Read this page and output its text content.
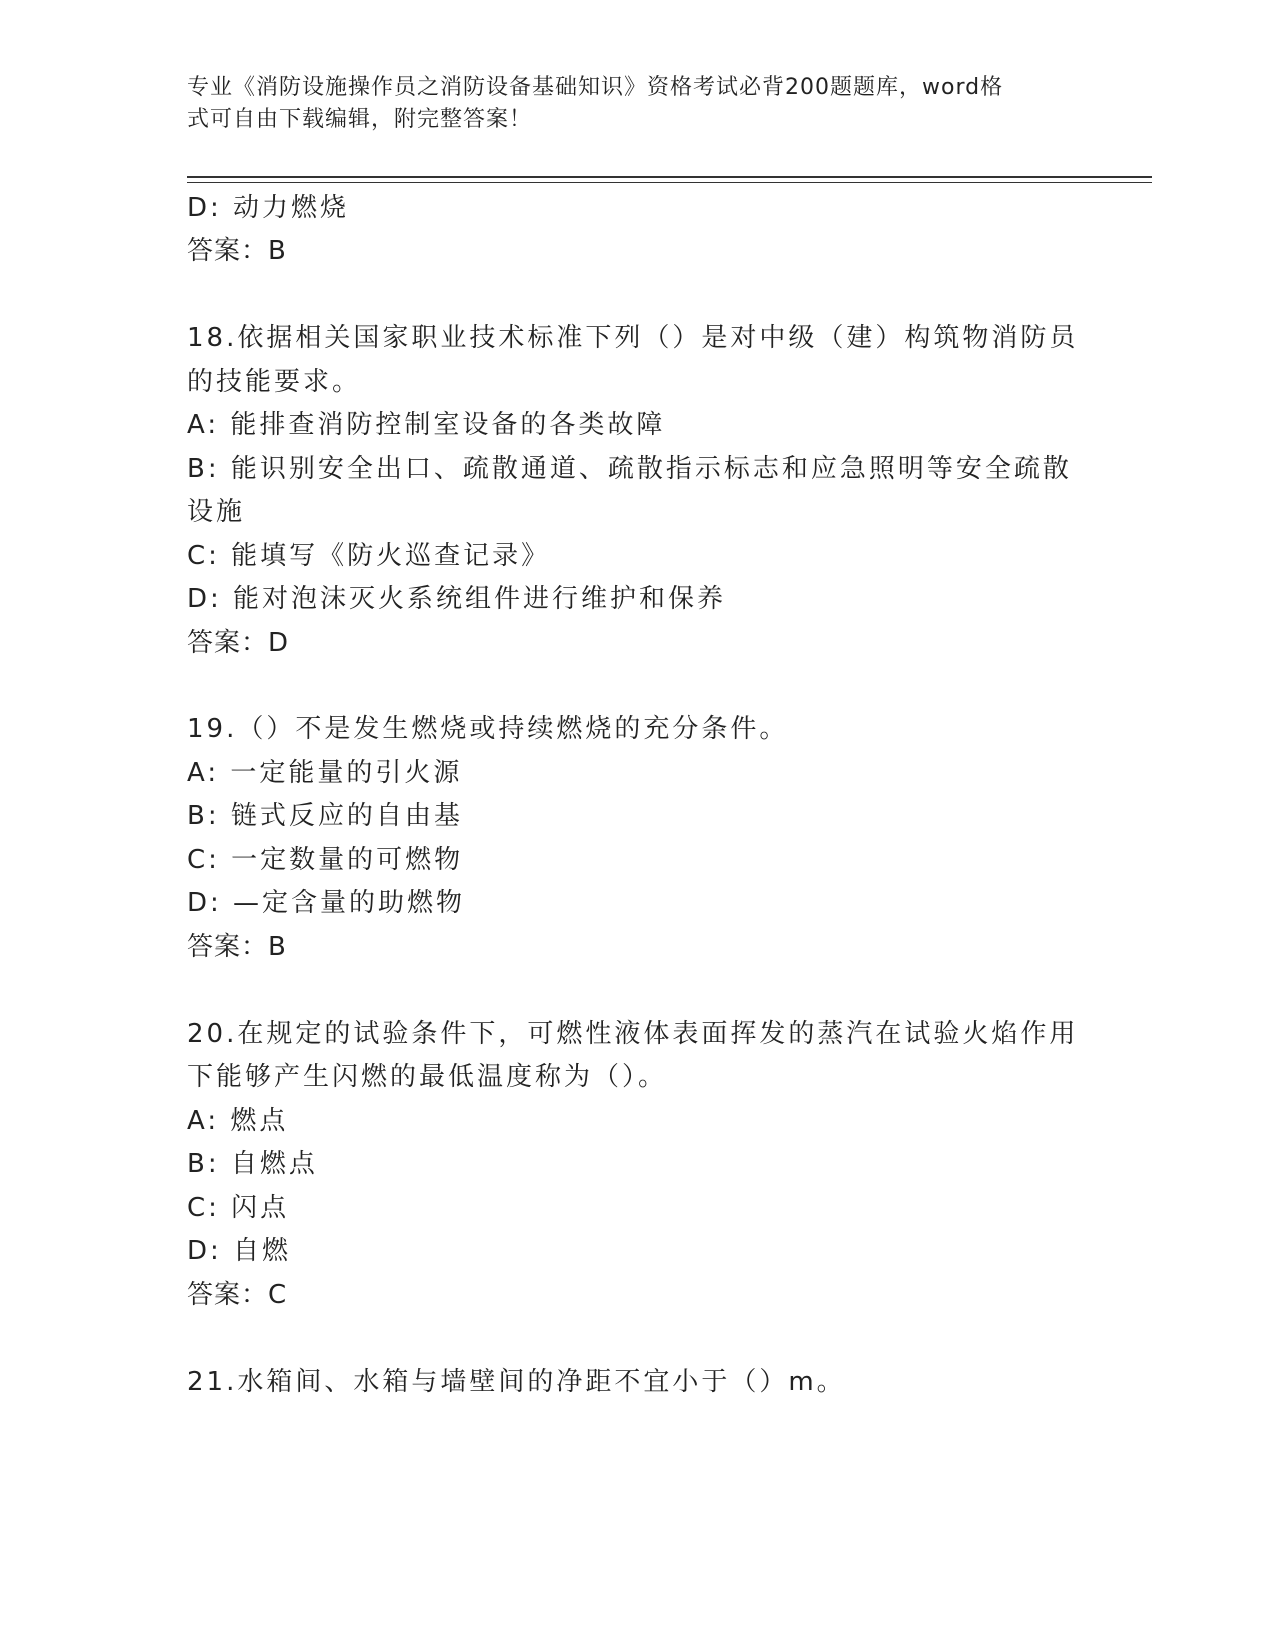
专业《消防设施操作员之消防设备基础知识》资格考试必背200题题库，word格
式可自由下载编辑，附完整答案！
D: 动力燃烧
答案：B
18.依据相关国家职业技术标准下列（）是对中级（建）构筑物消防员
的技能要求。
A: 能排查消防控制室设备的各类故障
B: 能识别安全出口、疏散通道、疏散指示标志和应急照明等安全疏散
设施
C: 能填写《防火巡查记录》
D: 能对泡沫灭火系统组件进行维护和保养
答案：D
19.（）不是发生燃烧或持续燃烧的充分条件。
A: 一定能量的引火源
B: 链式反应的自由基
C: 一定数量的可燃物
D: —定含量的助燃物
答案：B
20.在规定的试验条件下，可燃性液体表面挥发的蒸汽在试验火焰作用
下能够产生闪燃的最低温度称为（）。
A: 燃点
B: 自燃点
C: 闪点
D: 自燃
答案：C
21.水箱间、水箱与墙壁间的净距不宜小于（）m。
